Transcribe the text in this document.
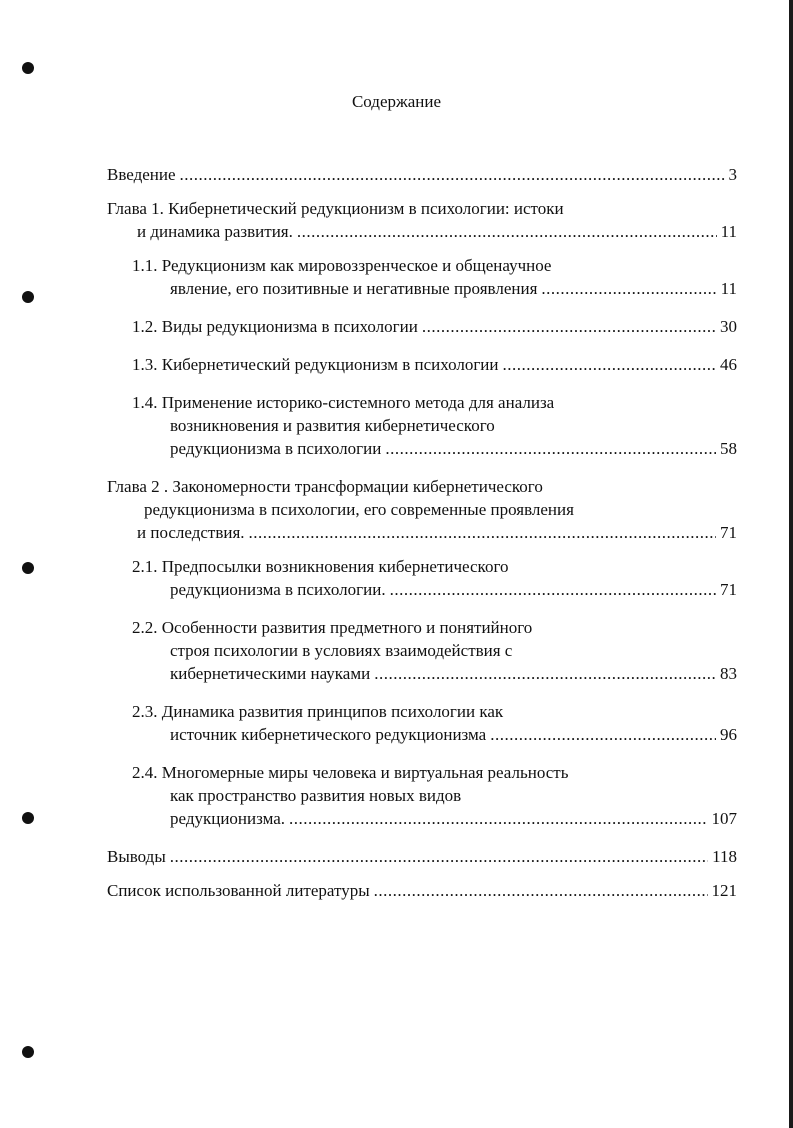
Содержание
Введение .....	3
Глава 1. Кибернетический редукционизм в психологии: истоки
и динамика развития. .....	11
1.1. Редукционизм как мировоззренческое и общенаучное
явление, его позитивные и негативные проявления .....	11
1.2. Виды редукционизма в психологии .....	30
1.3. Кибернетический редукционизм в психологии .....	46
1.4. Применение историко-системного метода для анализа
возникновения и развития кибернетического
редукционизма в психологии .....	58
Глава 2 . Закономерности трансформации кибернетического
редукционизма в психологии, его современные проявления
и последствия. .....	71
2.1. Предпосылки возникновения кибернетического
редукционизма в психологии. .....	71
2.2. Особенности развития предметного и понятийного
строя психологии в условиях взаимодействия с
кибернетическими науками .....	83
2.3. Динамика развития принципов психологии как
источник кибернетического редукционизма .....	96
2.4. Многомерные миры человека и виртуальная реальность
как пространство развития новых видов
редукционизма. .....	107
Выводы .....	118
Список использованной литературы .....	121
